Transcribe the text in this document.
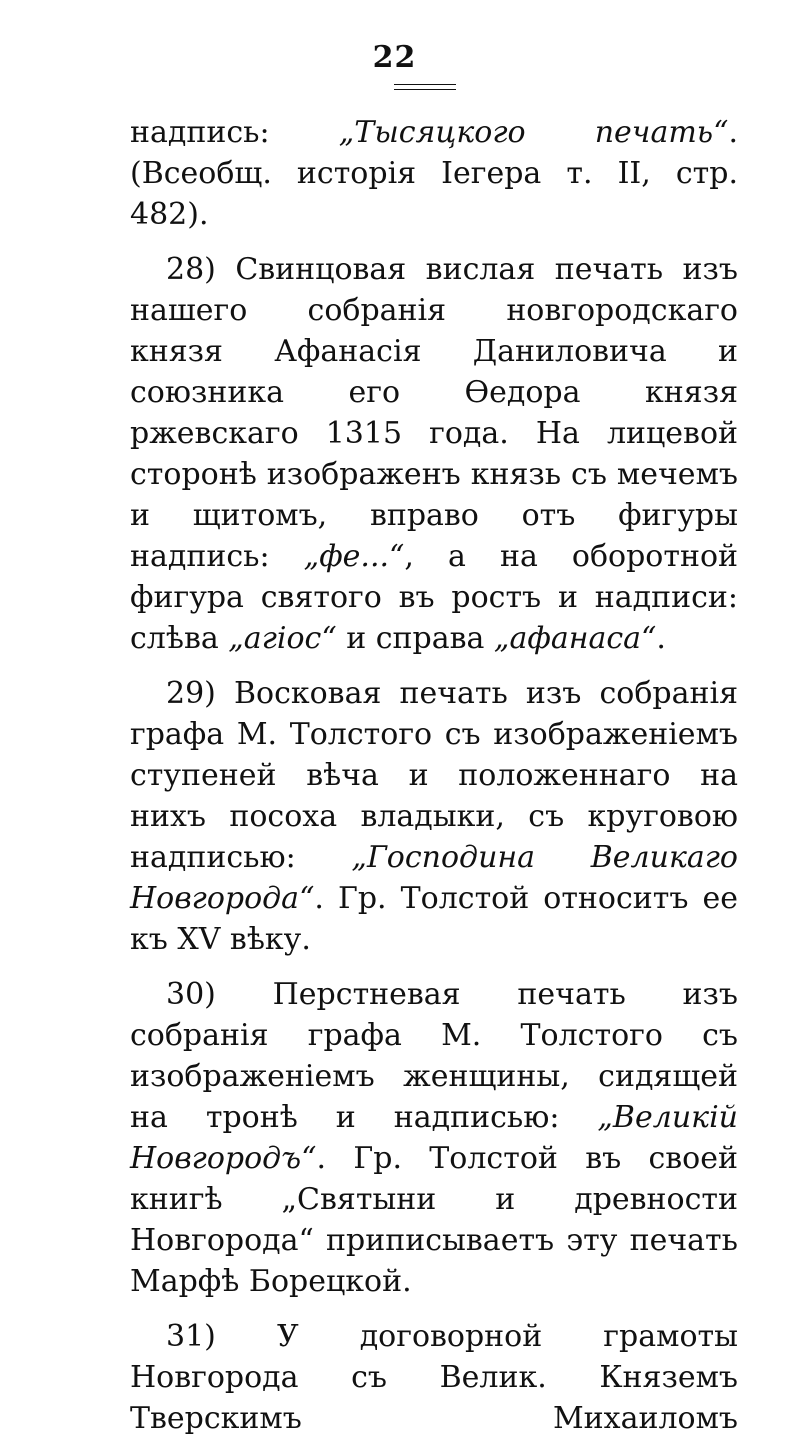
22

надпись: „Тысяцкого печать“. (Всеобщ. исторія Iегера т. II, стр. 482).

28) Свинцовая вислая печать изъ нашего собранія новгородскаго князя Афанасія Даниловича и союзника его Ѳедора князя ржевскаго 1315 года. На лицевой сторонѣ изображенъ князь съ мечемъ и щитомъ, вправо отъ фигуры надпись: „фе...“, а на оборотной фигура святого въ ростъ и надписи: слѣва „агіос“ и справа „афанаса“.

29) Восковая печать изъ собранія графа М. Толстого съ изображеніемъ ступеней вѣча и положеннаго на нихъ посоха владыки, съ круговою надписью: „Господина Великаго Новгорода“. Гр. Толстой относитъ ее къ XV вѣку.

30) Перстневая печать изъ собранія графа М. Толстого съ изображеніемъ женщины, сидящей на тронѣ и надписью: „Великій Новгородъ“. Гр. Толстой въ своей книгѣ „Святыни и древности Новгорода“ приписываетъ эту печать Марфѣ Борецкой.

31) У договорной грамоты Новгорода съ Велик. Княземъ Тверскимъ Михаиломъ
